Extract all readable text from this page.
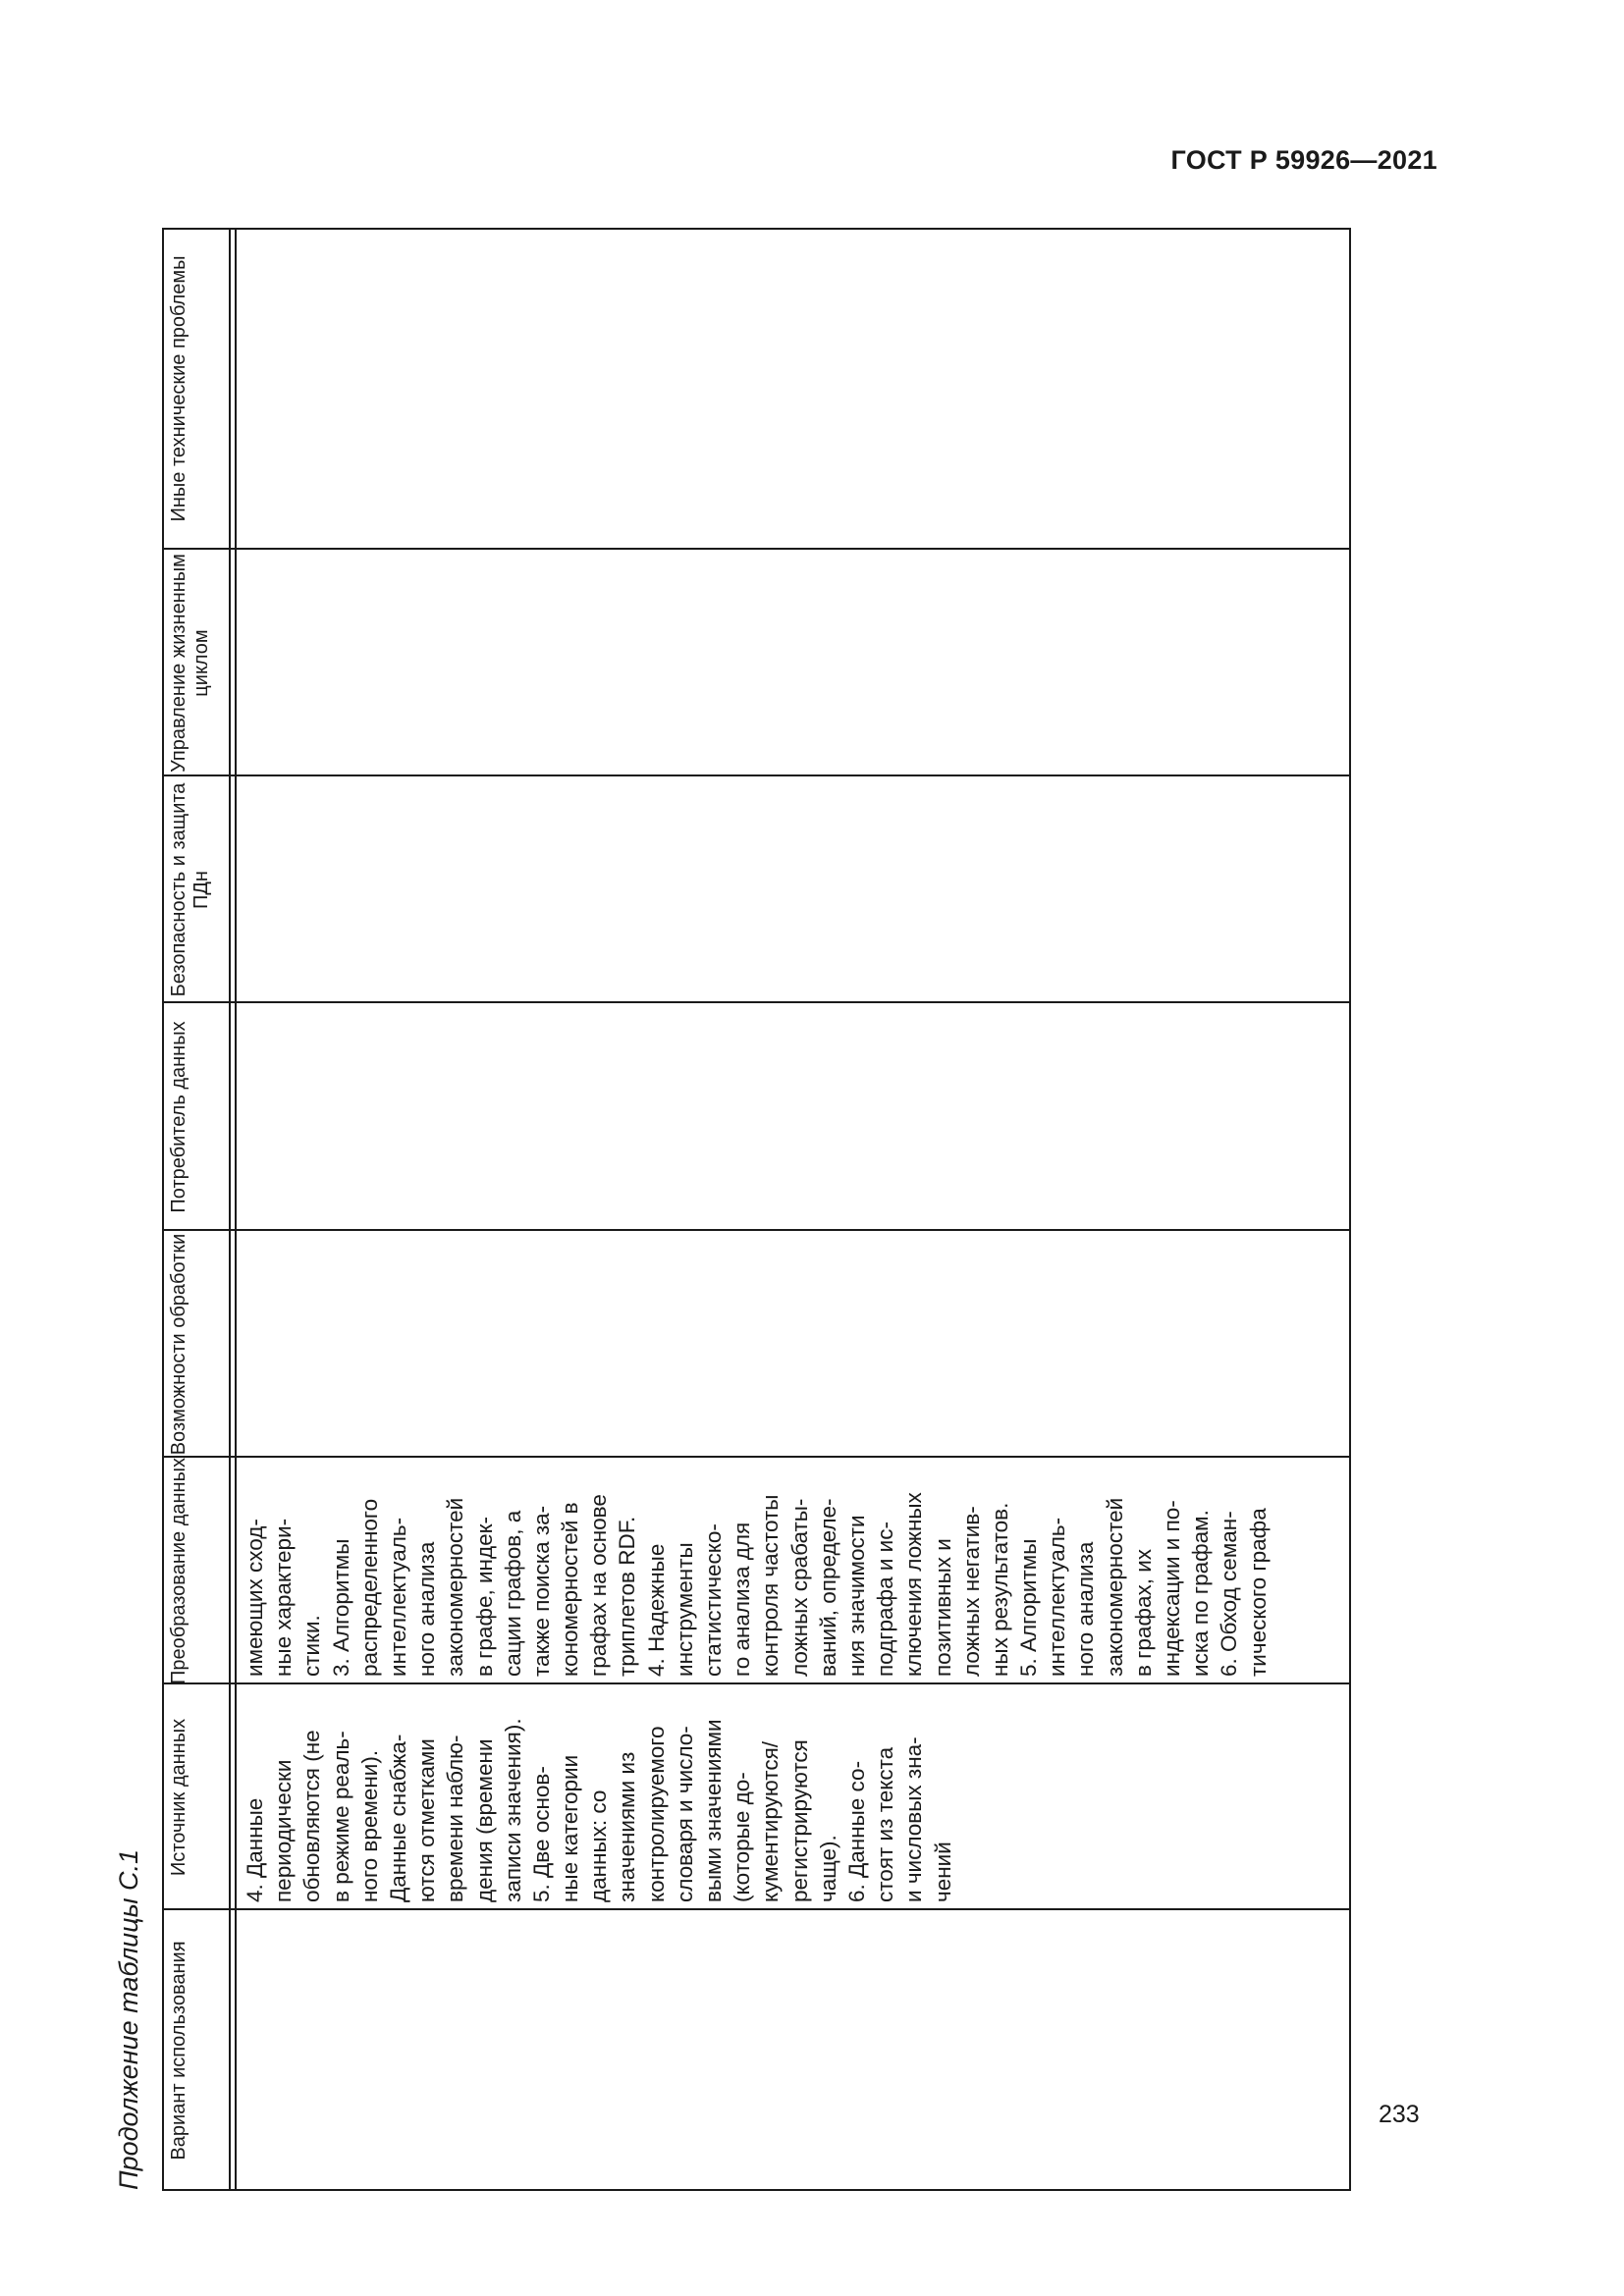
ГОСТ Р 59926—2021
233
Продолжение таблицы С.1 Вариант использования
Источник данных
Преобразование данных
Возможности обработки
Потребитель данных
Безопасность и защита ПДн
Управление жизненным циклом
Иные технические проблемы
4. Данные периодически обновляются (не в режиме реаль- ного времени). Данные снабжа- ются отметками времени наблю- дения (времени записи значения). 5. Две основ- ные категории данных: со значениями из контролируемого словаря и число- выми значениями (которые до- кументируются/ регистрируются чаще). 6. Данные со- стоят из текста и числовых зна- чений
имеющих сход- ные характери- стики. 3. Алгоритмы распределенного интеллектуаль- ного анализа закономерностей в графе, индек- сации графов, а также поиска за- кономерностей в графах на основе триплетов RDF. 4. Надежные инструменты статистическо- го анализа для контроля частоты ложных срабаты- ваний, определе- ния значимости подграфа и ис- ключения ложных позитивных и ложных негатив- ных результатов. 5. Алгоритмы интеллектуаль- ного анализа закономерностей в графах, их индексации и по- иска по графам. 6. Обход семан- тического графа
